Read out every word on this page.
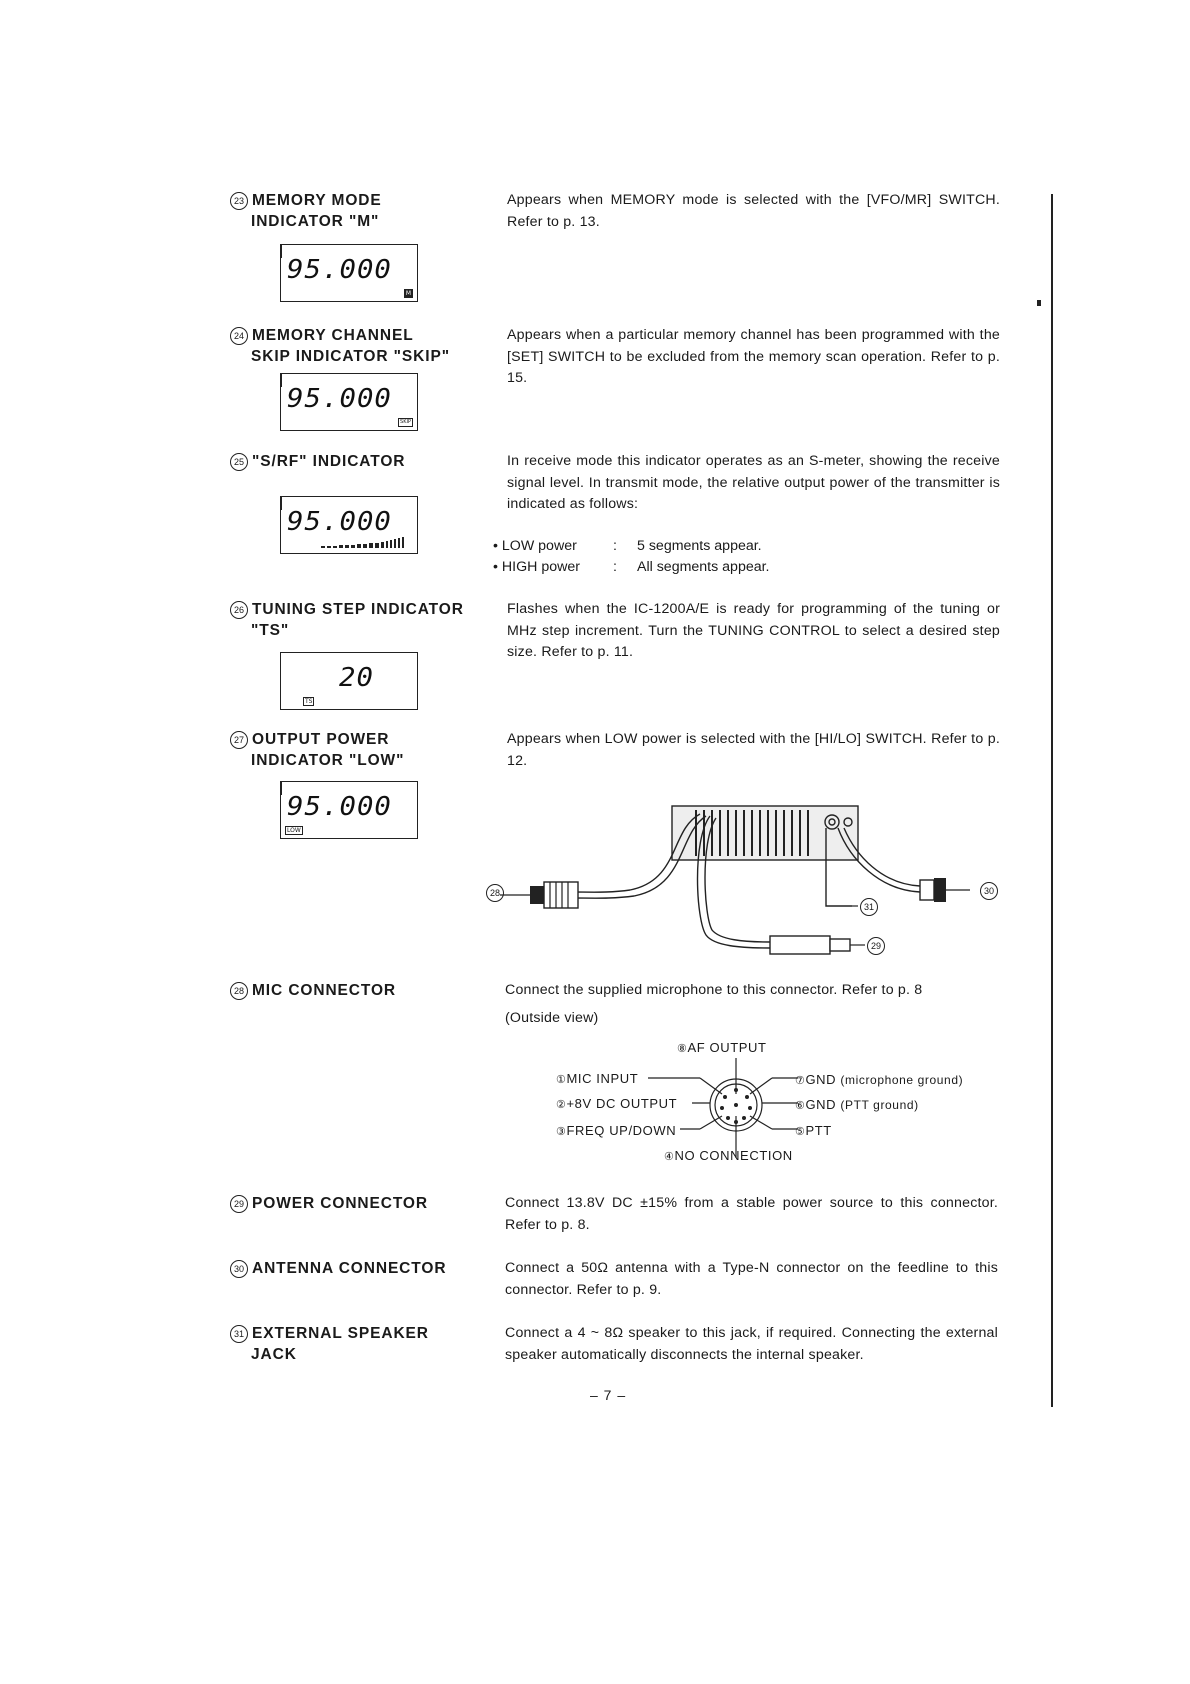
23 MEMORY MODE
INDICATOR "M"
Appears when MEMORY mode is selected with the [VFO/MR] SWITCH. Refer to p. 13.
95.000
M
24 MEMORY CHANNEL
SKIP INDICATOR "SKIP"
Appears when a particular memory channel has been programmed with the [SET] SWITCH to be excluded from the memory scan operation. Refer to p. 15.
95.000
SKIP
25 "S/RF" INDICATOR	In receive mode this indicator operates as an S-meter, showing the receive signal level. In transmit mode, the relative output power of the transmitter is indicated as follows:
95.000
• LOW power	: 5 segments appear.
• HIGH power : All segments appear.
26 TUNING STEP INDICATOR
"TS"
Flashes when the IC-1200A/E is ready for programming of the tuning or MHz step increment. Turn the TUNING CONTROL to select a desired step size. Refer to p. 11.
20
TS
27 OUTPUT POWER
INDICATOR "LOW"
Appears when LOW power is selected with the [HI/LO] SWITCH. Refer to p. 12.
95.000
LOW
28
29
30
31
28 MIC CONNECTOR	Connect the supplied microphone to this connector. Refer to p. 8
(Outside view)
⑧AF OUTPUT
①MIC INPUT
②+8V DC OUTPUT
③FREQ UP/DOWN
⑦GND (microphone ground)
⑥GND (PTT ground)
⑤PTT
④NO CONNECTION
29 POWER CONNECTOR	Connect 13.8V DC ±15% from a stable power source to this connector. Refer to p. 8.
30 ANTENNA CONNECTOR	Connect a 50Ω antenna with a Type-N connector on the feedline to this connector. Refer to p. 9.
31 EXTERNAL SPEAKER
JACK
Connect a 4 ~ 8Ω speaker to this jack, if required. Connecting the external speaker automatically disconnects the internal speaker.
– 7 –
